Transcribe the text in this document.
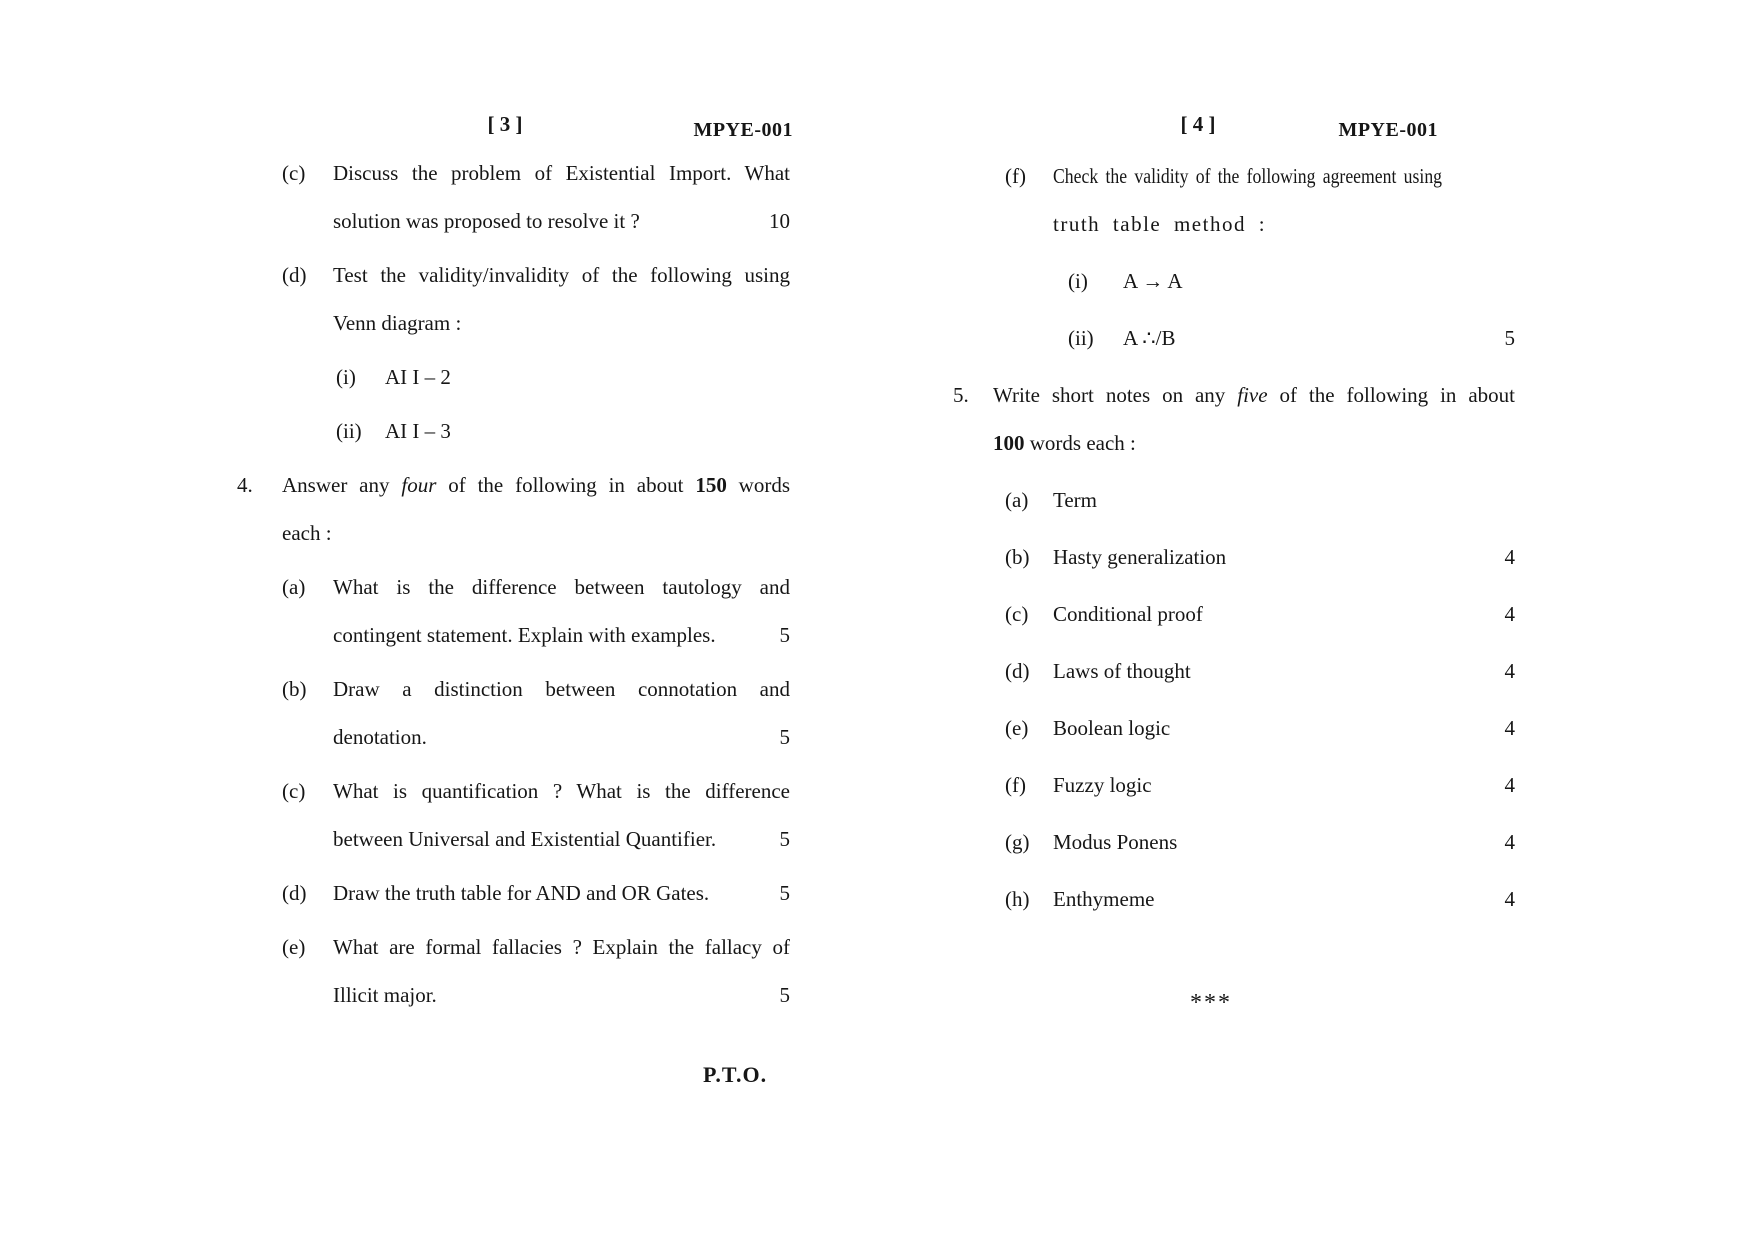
[ 3 ]	MPYE-001
(c)	Discuss the problem of Existential Import. What
solution was proposed to resolve it ?	10
(d)	Test the validity/invalidity of the following using
Venn diagram :
(i)	AI I – 2
(ii)	AI I – 3
4.	Answer any four of the following in about 150 words
each :
(a)	What is the difference between tautology and
contingent statement. Explain with examples.	5
(b)	Draw a distinction between connotation and
denotation.	5
(c)	What is quantification ? What is the difference
between Universal and Existential Quantifier.	5
(d)	Draw the truth table for AND and OR Gates.	5
(e)	What are formal fallacies ? Explain the fallacy of
Illicit major.	5
P.T.O.
[ 4 ]	MPYE-001
(f)	Check the validity of the following agreement using
truth table method :
(i)	A → A
(ii)	A ∴/B	5
5.	Write short notes on any five of the following in about
100 words each :
(a)	Term
(b)	Hasty generalization	4
(c)	Conditional proof	4
(d)	Laws of thought	4
(e)	Boolean logic	4
(f)	Fuzzy logic	4
(g)	Modus Ponens	4
(h)	Enthymeme	4
***
